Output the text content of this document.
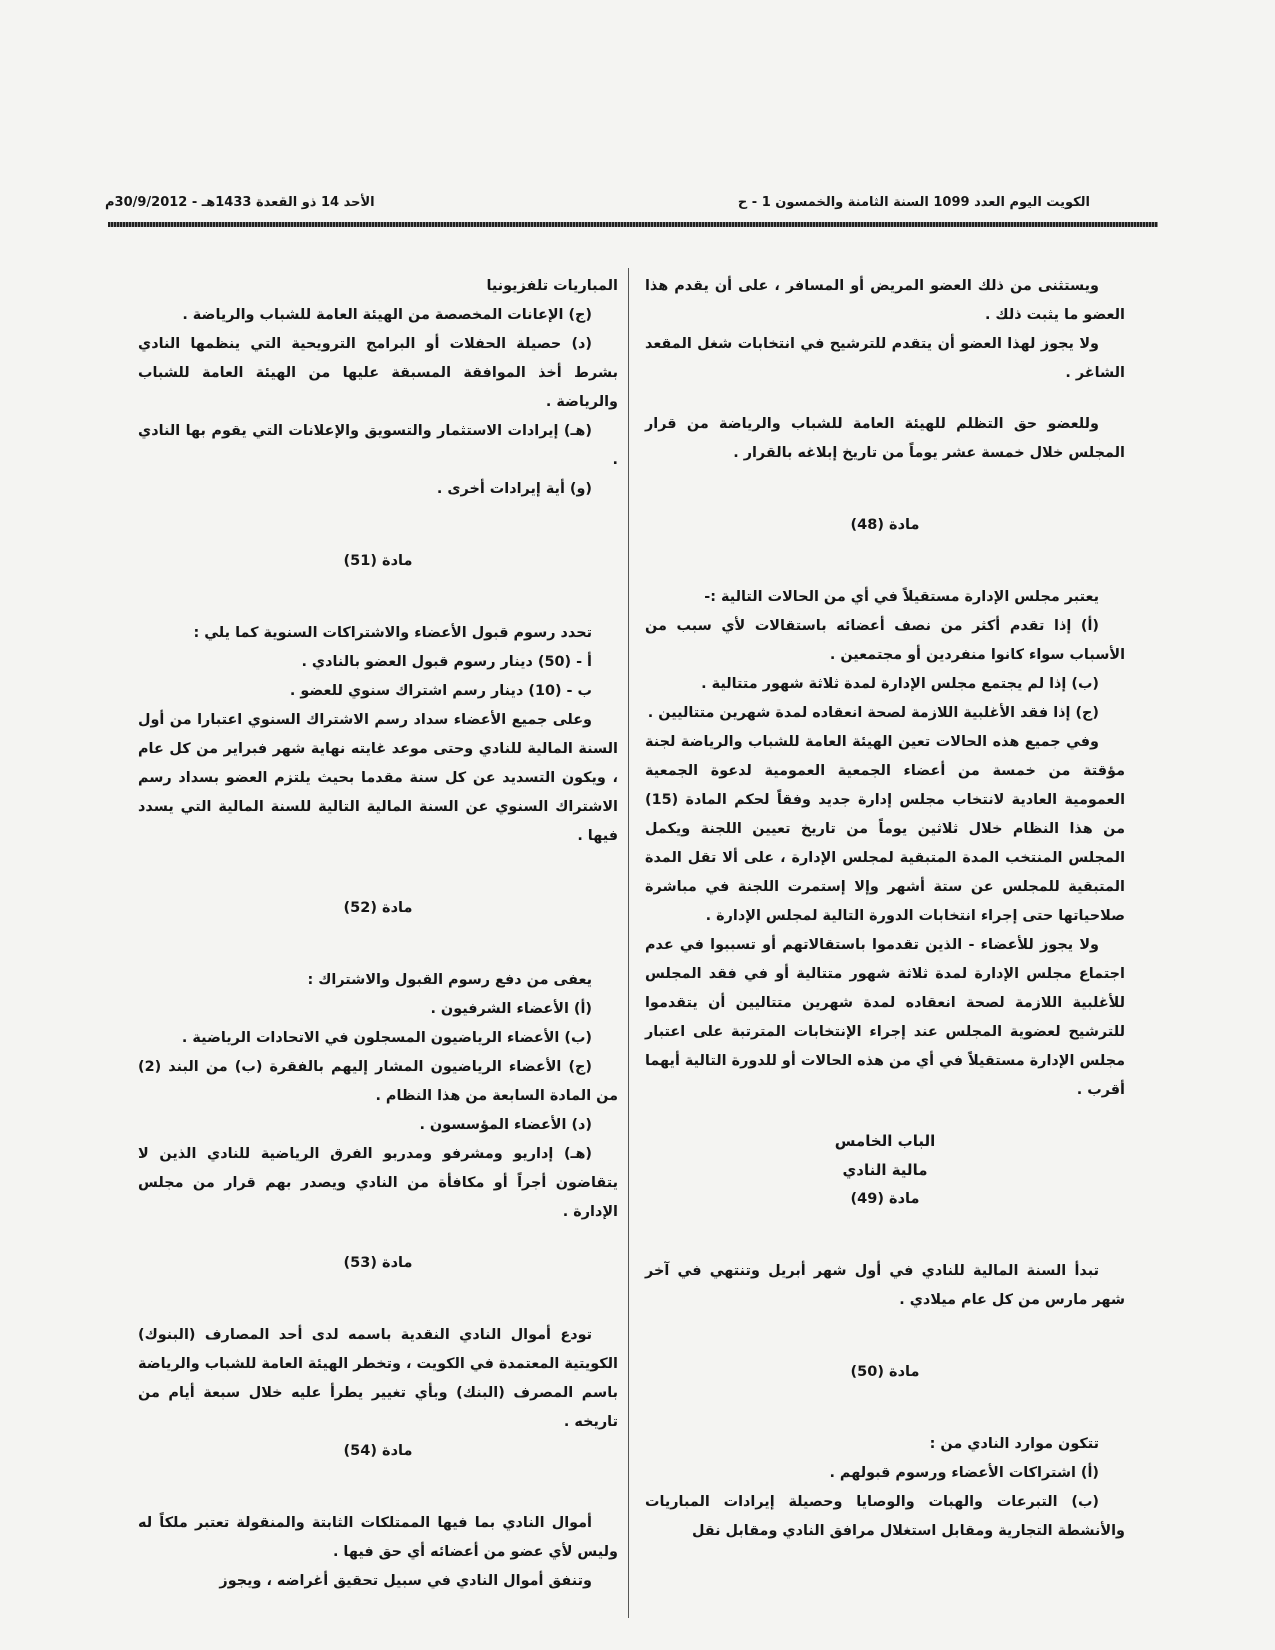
الكويت اليوم العدد 1099 السنة الثامنة والخمسون 1 - ح
الأحد 14 ذو القعدة 1433هـ - 30/9/2012م

ويستثنى من ذلك العضو المريض أو المسافر ، على أن يقدم هذا العضو ما يثبت ذلك .

ولا يجوز لهذا العضو أن يتقدم للترشيح في انتخابات شغل المقعد الشاغر .

وللعضو حق التظلم للهيئة العامة للشباب والرياضة من قرار المجلس خلال خمسة عشر يوماً من تاريخ إبلاغه بالقرار .

مادة (48)

يعتبر مجلس الإدارة مستقيلاً في أي من الحالات التالية :-

(أ) إذا تقدم أكثر من نصف أعضائه باستقالات لأي سبب من الأسباب سواء كانوا منفردين أو مجتمعين .

(ب) إذا لم يجتمع مجلس الإدارة لمدة ثلاثة شهور متتالية .

(ج) إذا فقد الأغلبية اللازمة لصحة انعقاده لمدة شهرين متتاليين .

وفي جميع هذه الحالات تعين الهيئة العامة للشباب والرياضة لجنة مؤقتة من خمسة من أعضاء الجمعية العمومية لدعوة الجمعية العمومية العادية لانتخاب مجلس إدارة جديد وفقاً لحكم المادة (15) من هذا النظام خلال ثلاثين يوماً من تاريخ تعيين اللجنة ويكمل المجلس المنتخب المدة المتبقية لمجلس الإدارة ، على ألا تقل المدة المتبقية للمجلس عن ستة أشهر وإلا إستمرت اللجنة في مباشرة صلاحياتها حتى إجراء انتخابات الدورة التالية لمجلس الإدارة .

ولا يجوز للأعضاء - الذين تقدموا باستقالاتهم أو تسببوا في عدم اجتماع مجلس الإدارة لمدة ثلاثة شهور متتالية أو في فقد المجلس للأغلبية اللازمة لصحة انعقاده لمدة شهرين متتاليين أن يتقدموا للترشيح لعضوية المجلس عند إجراء الإنتخابات المترتبة على اعتبار مجلس الإدارة مستقيلاً في أي من هذه الحالات أو للدورة التالية أيهما أقرب .

الباب الخامس

مالية النادي

مادة (49)

تبدأ السنة المالية للنادي في أول شهر أبريل وتنتهي في آخر شهر مارس من كل عام ميلادي .

مادة (50)

تتكون موارد النادي من :

(أ) اشتراكات الأعضاء ورسوم قبولهم .

(ب) التبرعات والهبات والوصايا وحصيلة إيرادات المباريات والأنشطة التجارية ومقابل استغلال مرافق النادي ومقابل نقل

المباريات تلفزيونيا

(ج) الإعانات المخصصة من الهيئة العامة للشباب والرياضة .

(د) حصيلة الحفلات أو البرامج الترويحية التي ينظمها النادي بشرط أخذ الموافقة المسبقة عليها من الهيئة العامة للشباب والرياضة .

(هـ) إيرادات الاستثمار والتسويق والإعلانات التي يقوم بها النادي .

(و) أية إيرادات أخرى .

مادة (51)

تحدد رسوم قبول الأعضاء والاشتراكات السنوية كما يلي :

أ - (50) دينار رسوم قبول العضو بالنادي .

ب - (10) دينار رسم اشتراك سنوي للعضو .

وعلى جميع الأعضاء سداد رسم الاشتراك السنوي اعتبارا من أول السنة المالية للنادي وحتى موعد غايته نهاية شهر فبراير من كل عام ، ويكون التسديد عن كل سنة مقدما بحيث يلتزم العضو بسداد رسم الاشتراك السنوي عن السنة المالية التالية للسنة المالية التي يسدد فيها .

مادة (52)

يعفى من دفع رسوم القبول والاشتراك :

(أ) الأعضاء الشرفيون .

(ب) الأعضاء الرياضيون المسجلون في الاتحادات الرياضية .

(ج) الأعضاء الرياضيون المشار إليهم بالفقرة (ب) من البند (2) من المادة السابعة من هذا النظام .

(د) الأعضاء المؤسسون .

(هـ) إداريو ومشرفو ومدربو الفرق الرياضية للنادي الذين لا يتقاضون أجراً أو مكافأة من النادي ويصدر بهم قرار من مجلس الإدارة .

مادة (53)

تودع أموال النادي النقدية باسمه لدى أحد المصارف (البنوك) الكويتية المعتمدة في الكويت ، وتخطر الهيئة العامة للشباب والرياضة باسم المصرف (البنك) وبأي تغيير يطرأ عليه خلال سبعة أيام من تاريخه .

مادة (54)

أموال النادي بما فيها الممتلكات الثابتة والمنقولة تعتبر ملكاً له وليس لأي عضو من أعضائه أي حق فيها .

وتنفق أموال النادي في سبيل تحقيق أغراضه ، ويجوز
